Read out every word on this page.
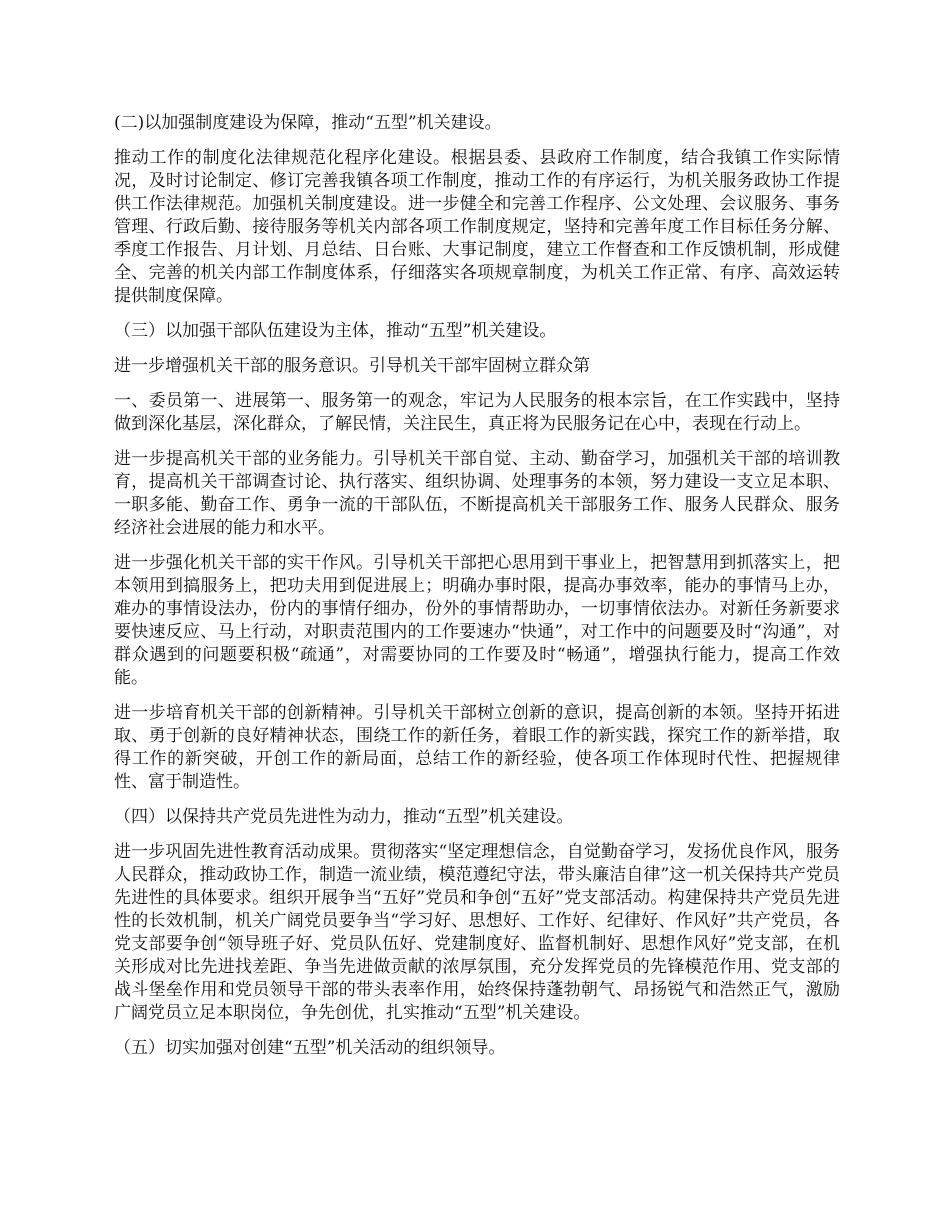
(二)以加强制度建设为保障，推动“五型”机关建设。

推动工作的制度化法律规范化程序化建设。根据县委、县政府工作制度，结合我镇工作实际情况，及时讨论制定、修订完善我镇各项工作制度，推动工作的有序运行，为机关服务政协工作提供工作法律规范。加强机关制度建设。进一步健全和完善工作程序、公文处理、会议服务、事务管理、行政后勤、接待服务等机关内部各项工作制度规定，坚持和完善年度工作目标任务分解、季度工作报告、月计划、月总结、日台账、大事记制度，建立工作督查和工作反馈机制，形成健全、完善的机关内部工作制度体系，仔细落实各项规章制度，为机关工作正常、有序、高效运转提供制度保障。

（三）以加强干部队伍建设为主体，推动“五型”机关建设。

进一步增强机关干部的服务意识。引导机关干部牢固树立群众第

一、委员第一、进展第一、服务第一的观念，牢记为人民服务的根本宗旨，在工作实践中，坚持做到深化基层，深化群众，了解民情，关注民生，真正将为民服务记在心中，表现在行动上。

进一步提高机关干部的业务能力。引导机关干部自觉、主动、勤奋学习，加强机关干部的培训教育，提高机关干部调查讨论、执行落实、组织协调、处理事务的本领，努力建设一支立足本职、一职多能、勤奋工作、勇争一流的干部队伍，不断提高机关干部服务工作、服务人民群众、服务经济社会进展的能力和水平。

进一步强化机关干部的实干作风。引导机关干部把心思用到干事业上，把智慧用到抓落实上，把本领用到搞服务上，把功夫用到促进展上；明确办事时限，提高办事效率，能办的事情马上办，难办的事情设法办，份内的事情仔细办，份外的事情帮助办，一切事情依法办。对新任务新要求要快速反应、马上行动，对职责范围内的工作要速办“快通”，对工作中的问题要及时“沟通”，对群众遇到的问题要积极“疏通”，对需要协同的工作要及时“畅通”，增强执行能力，提高工作效能。

进一步培育机关干部的创新精神。引导机关干部树立创新的意识，提高创新的本领。坚持开拓进取、勇于创新的良好精神状态，围绕工作的新任务，着眼工作的新实践，探究工作的新举措，取得工作的新突破，开创工作的新局面，总结工作的新经验，使各项工作体现时代性、把握规律性、富于制造性。

（四）以保持共产党员先进性为动力，推动“五型”机关建设。

进一步巩固先进性教育活动成果。贯彻落实“坚定理想信念，自觉勤奋学习，发扬优良作风，服务人民群众，推动政协工作，制造一流业绩，模范遵纪守法，带头廉洁自律”这一机关保持共产党员先进性的具体要求。组织开展争当“五好”党员和争创“五好”党支部活动。构建保持共产党员先进性的长效机制，机关广阔党员要争当“学习好、思想好、工作好、纪律好、作风好”共产党员，各党支部要争创“领导班子好、党员队伍好、党建制度好、监督机制好、思想作风好”党支部，在机关形成对比先进找差距、争当先进做贡献的浓厚氛围，充分发挥党员的先锋模范作用、党支部的战斗堡垒作用和党员领导干部的带头表率作用，始终保持蓬勃朝气、昂扬锐气和浩然正气，激励广阔党员立足本职岗位，争先创优，扎实推动“五型”机关建设。

（五）切实加强对创建“五型”机关活动的组织领导。
